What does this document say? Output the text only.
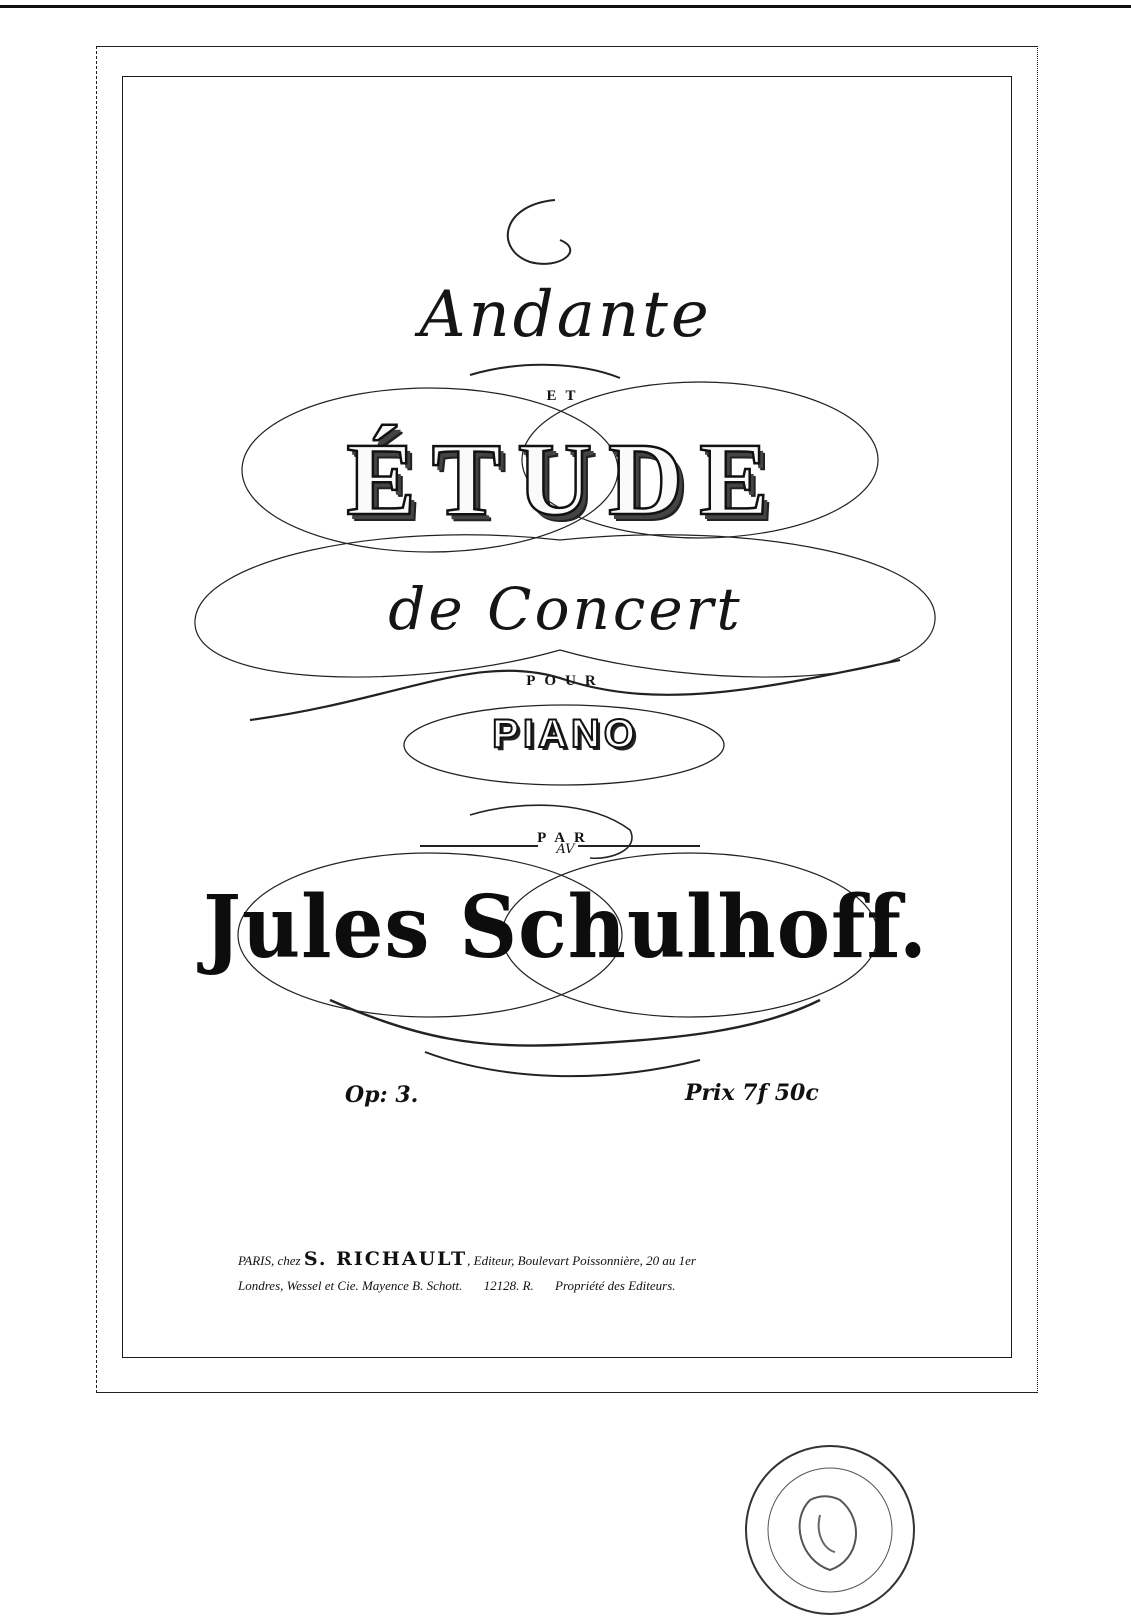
Andante
ET
ÉTUDE
de Concert
POUR
PIANO
PAR
Jules Schulhoff.
AV
Op: 3.	Prix 7f 50c
PARIS, chez S. RICHAULT, Editeur, Boulevart Poissonnière, 20 au 1er
Londres, Wessel et Cie. Mayence B. Schott. 12128. R. Propriété des Editeurs.
